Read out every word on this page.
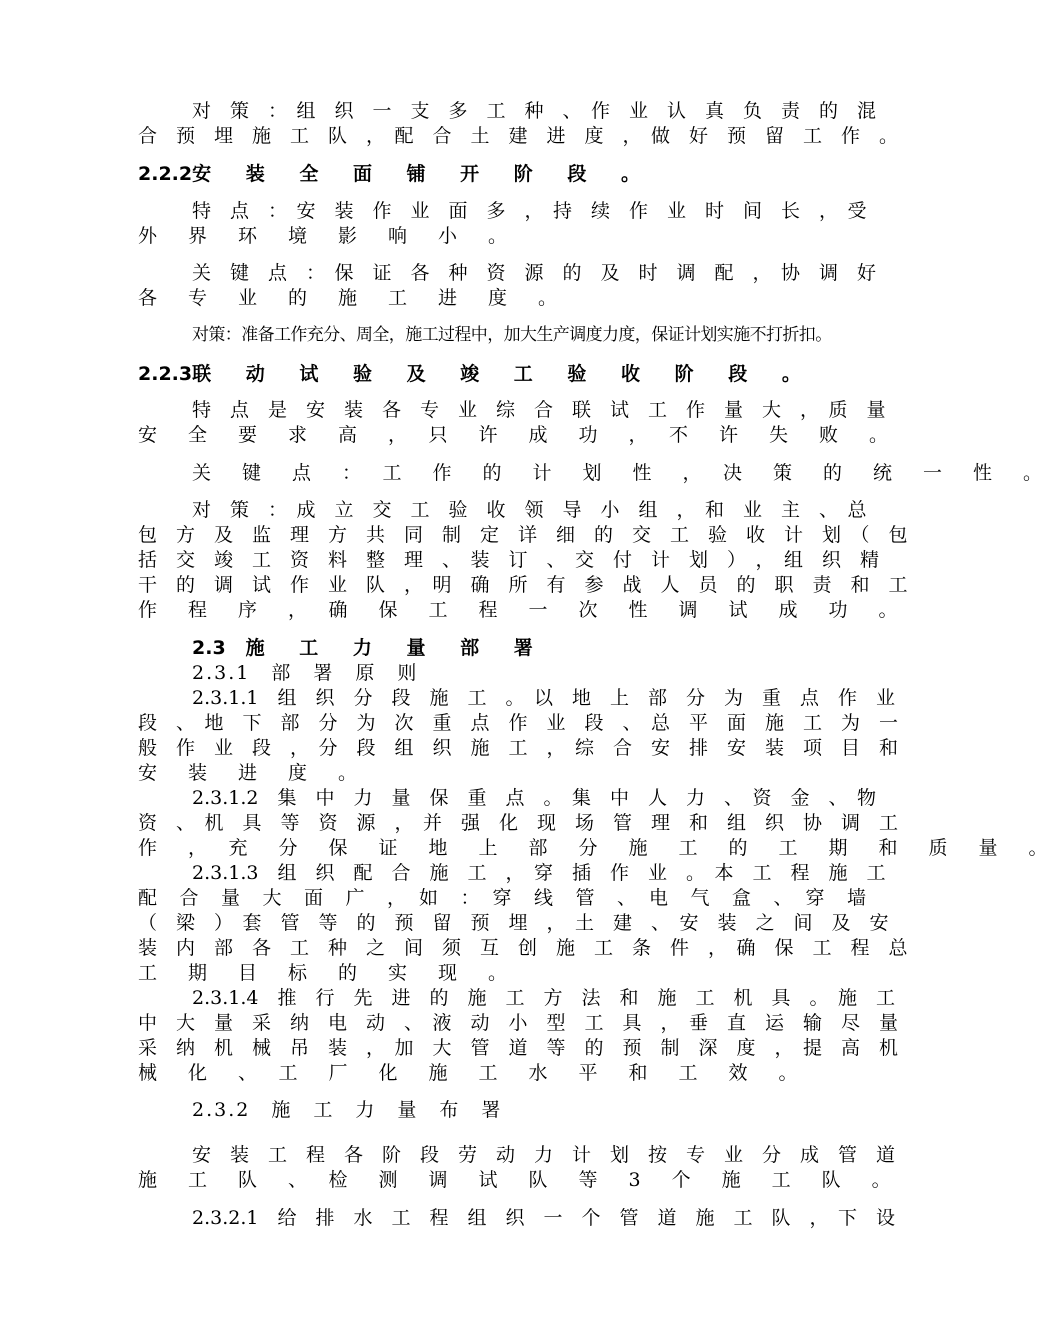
对　策　：　组　织　一　支　多　工　种　、　作　业　认　真　负　责　的　混

合　预　埋　施　工　队　，　配　合　土　建　进　度　，　做　好　预　留　工　作　。

2.2.2安 装 全 面 铺 开 阶 段 。

特　点　：　安　装　作　业　面　多　，　持　续　作　业　时　间　长　，　受

外　界　环　境　影　响　小　。

关　键　点　：　保　证　各　种　资　源　的　及　时　调　配　，　协　调　好

各　专　业　的　施　工　进　度　。

对策：准备工作充分、周全，施工过程中，加大生产调度力度，保证计划实施不打折扣。

2.2.3联 动 试 验 及 竣 工 验 收 阶 段 。

特　点　是　安　装　各　专　业　综　合　联　试　工　作　量　大　，　质　量

安　全　要　求　高　，　只　许　成　功　，　不　许　失　败　。

关　键　点　：　工　作　的　计　划　性　，　决　策　的　统　一　性　。

对　策　：　成　立　交　工　验　收　领　导　小　组　，　和　业　主　、　总

包　方　及　监　理　方　共　同　制　定　详　细　的　交　工　验　收　计　划　（　包

括　交　竣　工　资　料　整　理　、　装　订　、　交　付　计　划　）　，　组　织　精

干　的　调　试　作　业　队　，　明　确　所　有　参　战　人　员　的　职　责　和　工

作　程　序　，　确　保　工　程　一　次　性　调　试　成　功　。

2.3 施 工 力 量 部 署

2.3.1　部　署　原　则

2.3.1.1　组　织　分　段　施　工　。　以　地　上　部　分　为　重　点　作　业

段　、　地　下　部　分　为　次　重　点　作　业　段　、　总　平　面　施　工　为　一

般　作　业　段　，　分　段　组　织　施　工　，　综　合　安　排　安　装　项　目　和

安　装　进　度　。

2.3.1.2　集　中　力　量　保　重　点　。　集　中　人　力　、　资　金　、　物

资　、　机　具　等　资　源　，　并　强　化　现　场　管　理　和　组　织　协　调　工

作　，　充　分　保　证　地　上　部　分　施　工　的　工　期　和　质　量　。

2.3.1.3　组　织　配　合　施　工　，　穿　插　作　业　。　本　工　程　施　工

配　合　量　大　面　广　，　如　：　穿　线　管　、　电　气　盒　、　穿　墙

（　梁　）　套　管　等　的　预　留　预　埋　，　土　建　、　安　装　之　间　及　安

装　内　部　各　工　种　之　间　须　互　创　施　工　条　件　，　确　保　工　程　总

工　期　目　标　的　实　现　。

2.3.1.4　推　行　先　进　的　施　工　方　法　和　施　工　机　具　。　施　工

中　大　量　采　纳　电　动　、　液　动　小　型　工　具　，　垂　直　运　输　尽　量

采　纳　机　械　吊　装　，　加　大　管　道　等　的　预　制　深　度　，　提　高　机

械　化　、　工　厂　化　施　工　水　平　和　工　效　。

2.3.2　施　工　力　量　布　署

安　装　工　程　各　阶　段　劳　动　力　计　划　按　专　业　分　成　管　道

施　工　队　、　检　测　调　试　队　等　3　个　施　工　队　。

2.3.2.1　给　排　水　工　程　组　织　一　个　管　道　施　工　队　，　下　设
